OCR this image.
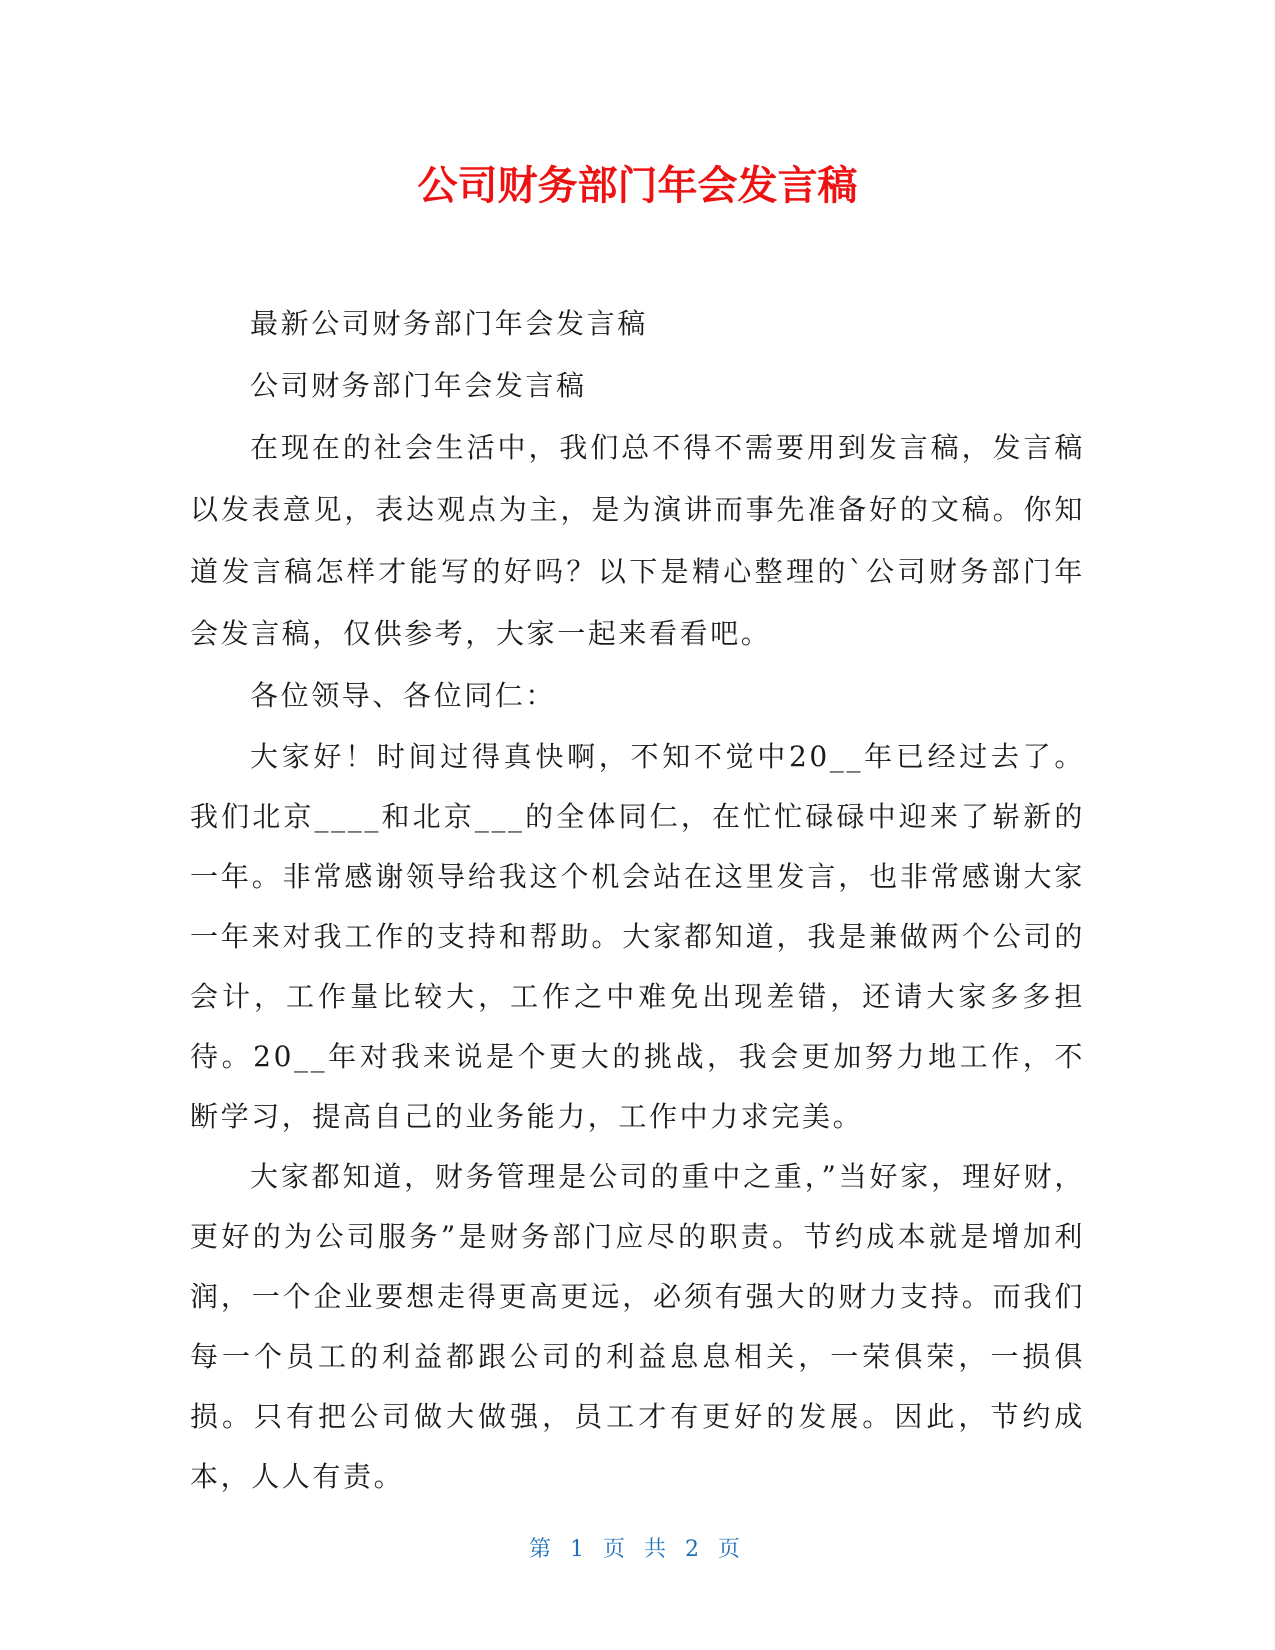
公司财务部门年会发言稿

最新公司财务部门年会发言稿

公司财务部门年会发言稿

在现在的社会生活中，我们总不得不需要用到发言稿，发言稿以发表意见，表达观点为主，是为演讲而事先准备好的文稿。你知道发言稿怎样才能写的好吗？以下是精心整理的`公司财务部门年会发言稿，仅供参考，大家一起来看看吧。

各位领导、各位同仁：

大家好！时间过得真快啊，不知不觉中20__年已经过去了。我们北京____和北京___的全体同仁，在忙忙碌碌中迎来了崭新的一年。非常感谢领导给我这个机会站在这里发言，也非常感谢大家一年来对我工作的支持和帮助。大家都知道，我是兼做两个公司的会计，工作量比较大，工作之中难免出现差错，还请大家多多担待。20__年对我来说是个更大的挑战，我会更加努力地工作，不断学习，提高自己的业务能力，工作中力求完美。

大家都知道，财务管理是公司的重中之重，”当好家，理好财，更好的为公司服务”是财务部门应尽的职责。节约成本就是增加利润，一个企业要想走得更高更远，必须有强大的财力支持。而我们每一个员工的利益都跟公司的利益息息相关，一荣俱荣，一损俱损。只有把公司做大做强，员工才有更好的发展。因此，节约成本，人人有责。

第 1 页 共 2 页
